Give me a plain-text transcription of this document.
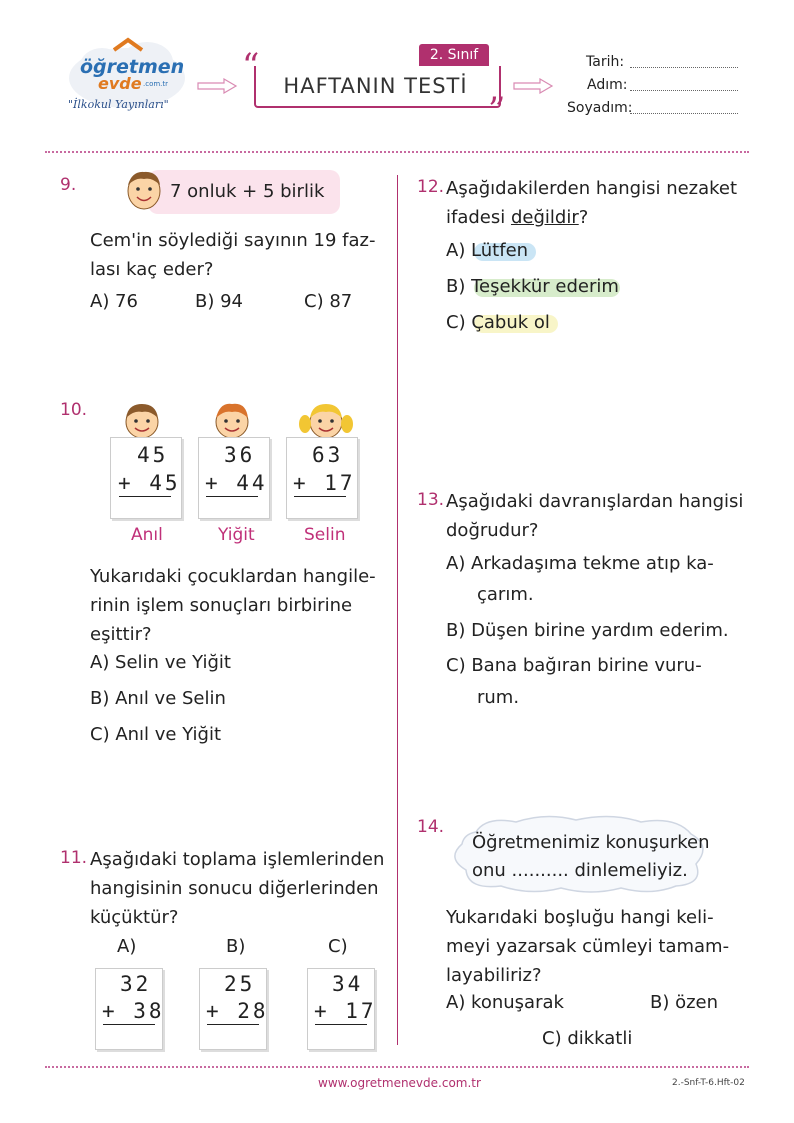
öğretmen
evde .com.tr
"İlkokul Yayınları"
“	2. Sınıf
HAFTANIN TESTİ
”
Tarih:
Adım:
Soyadım:
9.	7 onluk + 5 birlik
Cem'in söylediği sayının 19 faz-
lası kaç eder?
A) 76	B) 94	C) 87
10.
45
+ 45
Anıl
36
+ 44
Yiğit
63
+ 17
Selin
Yukarıdaki çocuklardan hangile-
rinin işlem sonuçları birbirine
eşittir?
A) Selin ve Yiğit
B) Anıl ve Selin
C) Anıl ve Yiğit
11. Aşağıdaki toplama işlemlerinden
hangisinin sonucu diğerlerinden
küçüktür?
A)	B)	C)
32
+ 38
25
+ 28
34
+ 17
12. Aşağıdakilerden hangisi nezaket
ifadesi değildir?
A) Lütfen
B) Teşekkür ederim
C) Çabuk ol
13. Aşağıdaki davranışlardan hangisi
doğrudur?
A) Arkadaşıma tekme atıp ka-
çarım.
B) Düşen birine yardım ederim.
C) Bana bağıran birine vuru-
rum.
14.
Öğretmenimiz konuşurken
onu .......... dinlemeliyiz.
Yukarıdaki boşluğu hangi keli-
meyi yazarsak cümleyi tamam-
layabiliriz?
A) konuşarak	B) özen
C) dikkatli
www.ogretmenevde.com.tr	2.-Snf-T-6.Hft-02
